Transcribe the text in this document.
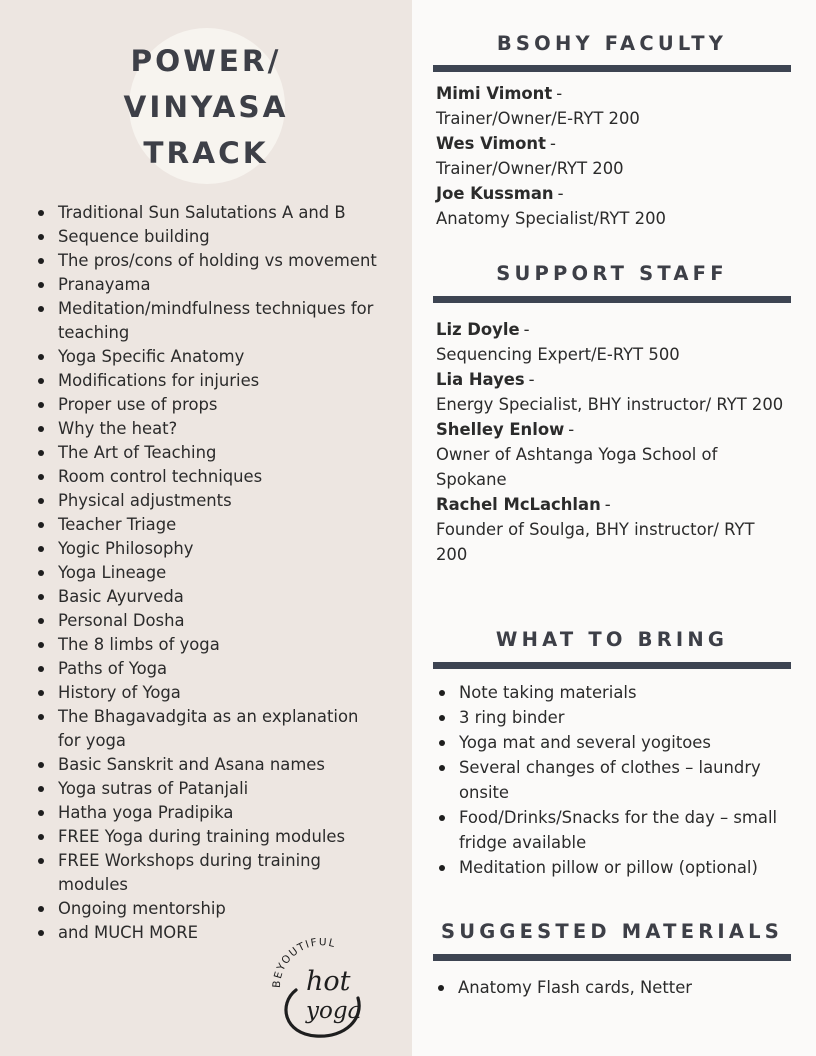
POWER/
VINYASA
TRACK
Traditional Sun Salutations A and B
Sequence building
The pros/cons of holding vs movement
Pranayama
Meditation/mindfulness techniques for teaching
Yoga Specific Anatomy
Modifications for injuries
Proper use of props
Why the heat?
The Art of Teaching
Room control techniques
Physical adjustments
Teacher Triage
Yogic Philosophy
Yoga Lineage
Basic Ayurveda
Personal Dosha
The 8 limbs of yoga
Paths of Yoga
History of Yoga
The Bhagavadgita as an explanation for yoga
Basic Sanskrit and Asana names
Yoga sutras of Patanjali
Hatha yoga Pradipika
FREE Yoga during training modules
FREE Workshops during training modules
Ongoing mentorship
and MUCH MORE
BEYOUTIFUL
hot
yoga
BSOHY FACULTY
Mimi Vimont -
Trainer/Owner/E-RYT 200
Wes Vimont -
Trainer/Owner/RYT 200
Joe Kussman -
Anatomy Specialist/RYT 200
SUPPORT STAFF
Liz Doyle -
Sequencing Expert/E-RYT 500
Lia Hayes -
Energy Specialist, BHY instructor/ RYT 200
Shelley Enlow -
Owner of Ashtanga Yoga School of Spokane
Rachel McLachlan -
Founder of Soulga, BHY instructor/ RYT 200
WHAT TO BRING
Note taking materials
3 ring binder
Yoga mat and several yogitoes
Several changes of clothes – laundry onsite
Food/Drinks/Snacks for the day – small fridge available
Meditation pillow or pillow (optional)
SUGGESTED MATERIALS
Anatomy Flash cards, Netter
